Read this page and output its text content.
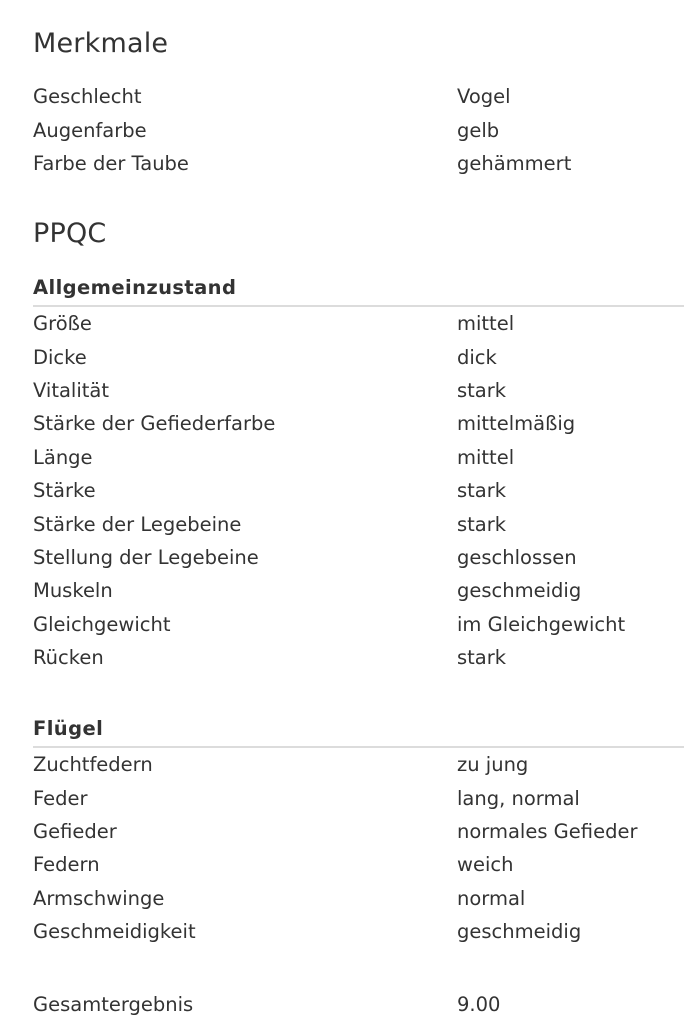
Merkmale
Geschlecht	Vogel
Augenfarbe	gelb
Farbe der Taube	gehämmert
PPQC
Allgemeinzustand
Größe	mittel
Dicke	dick
Vitalität	stark
Stärke der Gefiederfarbe	mittelmäßig
Länge	mittel
Stärke	stark
Stärke der Legebeine	stark
Stellung der Legebeine	geschlossen
Muskeln	geschmeidig
Gleichgewicht	im Gleichgewicht
Rücken	stark
Flügel
Zuchtfedern	zu jung
Feder	lang, normal
Gefieder	normales Gefieder
Federn	weich
Armschwinge	normal
Geschmeidigkeit	geschmeidig
Gesamtergebnis	9.00
